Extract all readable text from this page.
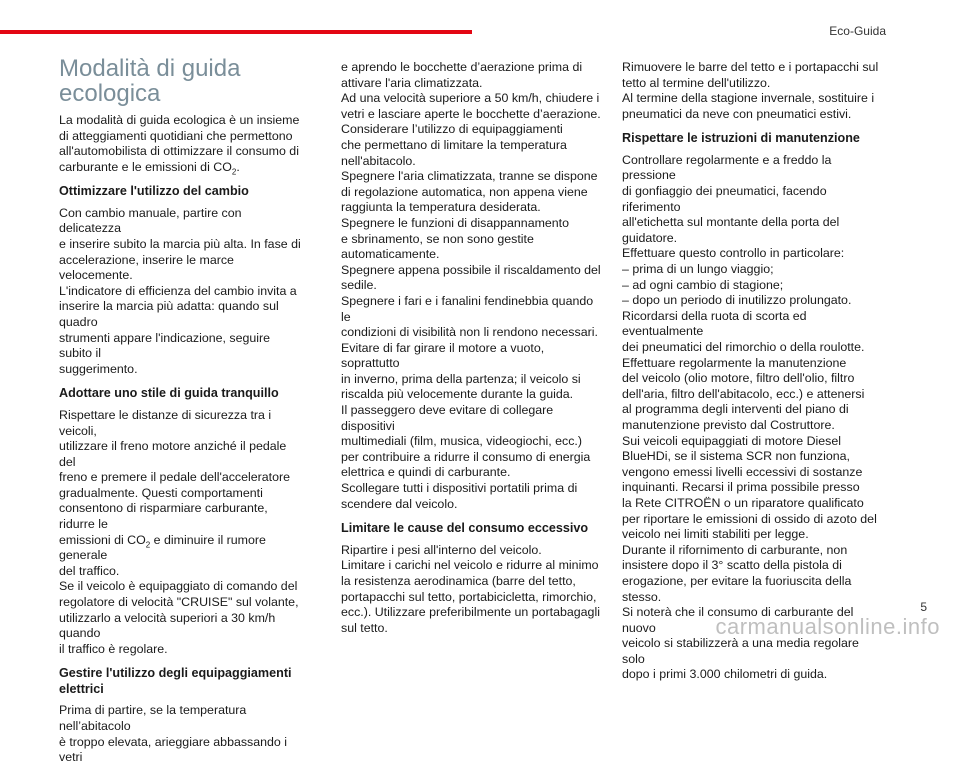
Eco-Guida
Modalità di guida ecologica

La modalità di guida ecologica è un insieme
di atteggiamenti quotidiani che permettono
all'automobilista di ottimizzare il consumo di
carburante e le emissioni di $CO_2$.

Ottimizzare l'utilizzo del cambio

Con cambio manuale, partire con delicatezza
e inserire subito la marcia più alta. In fase di
accelerazione, inserire le marce velocemente.
L'indicatore di efficienza del cambio invita a
inserire la marcia più adatta: quando sul quadro
strumenti appare l'indicazione, seguire subito il
suggerimento.

Adottare uno stile di guida tranquillo

Rispettare le distanze di sicurezza tra i veicoli,
utilizzare il freno motore anziché il pedale del
freno e premere il pedale dell'acceleratore
gradualmente. Questi comportamenti
consentono di risparmiare carburante, ridurre le
emissioni di $CO_2$ e diminuire il rumore generale
del traffico.
Se il veicolo è equipaggiato di comando del
regolatore di velocità "CRUISE" sul volante,
utilizzarlo a velocità superiori a 30 km/h quando
il traffico è regolare.

Gestire l'utilizzo degli equipaggiamenti
elettrici

Prima di partire, se la temperatura nell’abitacolo
è troppo elevata, arieggiare abbassando i vetri

e aprendo le bocchette d’aerazione prima di
attivare l'aria climatizzata.
Ad una velocità superiore a 50 km/h, chiudere i
vetri e lasciare aperte le bocchette d’aerazione.
Considerare l’utilizzo di equipaggiamenti
che permettano di limitare la temperatura
nell'abitacolo.
Spegnere l'aria climatizzata, tranne se dispone
di regolazione automatica, non appena viene
raggiunta la temperatura desiderata.
Spegnere le funzioni di disappannamento
e sbrinamento, se non sono gestite
automaticamente.
Spegnere appena possibile il riscaldamento del
sedile.
Spegnere i fari e i fanalini fendinebbia quando le
condizioni di visibilità non li rendono necessari.
Evitare di far girare il motore a vuoto, soprattutto
in inverno, prima della partenza; il veicolo si
riscalda più velocemente durante la guida.
Il passeggero deve evitare di collegare dispositivi
multimediali (film, musica, videogiochi, ecc.)
per contribuire a ridurre il consumo di energia
elettrica e quindi di carburante.
Scollegare tutti i dispositivi portatili prima di
scendere dal veicolo.

Limitare le cause del consumo eccessivo

Ripartire i pesi all'interno del veicolo.
Limitare i carichi nel veicolo e ridurre al minimo
la resistenza aerodinamica (barre del tetto,
portapacchi sul tetto, portabicicletta, rimorchio,
ecc.). Utilizzare preferibilmente un portabagagli
sul tetto.

Rimuovere le barre del tetto e i portapacchi sul
tetto al termine dell'utilizzo.
Al termine della stagione invernale, sostituire i
pneumatici da neve con pneumatici estivi.

Rispettare le istruzioni di manutenzione

Controllare regolarmente e a freddo la pressione
di gonfiaggio dei pneumatici, facendo riferimento
all'etichetta sul montante della porta del
guidatore.
Effettuare questo controllo in particolare:
– prima di un lungo viaggio;
– ad ogni cambio di stagione;
– dopo un periodo di inutilizzo prolungato.
Ricordarsi della ruota di scorta ed eventualmente
dei pneumatici del rimorchio o della roulotte.
Effettuare regolarmente la manutenzione
del veicolo (olio motore, filtro dell'olio, filtro
dell'aria, filtro dell'abitacolo, ecc.) e attenersi
al programma degli interventi del piano di
manutenzione previsto dal Costruttore.
Sui veicoli equipaggiati di motore Diesel
BlueHDi, se il sistema SCR non funziona,
vengono emessi livelli eccessivi di sostanze
inquinanti. Recarsi il prima possibile presso
la Rete CITROËN o un riparatore qualificato
per riportare le emissioni di ossido di azoto del
veicolo nei limiti stabiliti per legge.
Durante il rifornimento di carburante, non
insistere dopo il 3° scatto della pistola di
erogazione, per evitare la fuoriuscita della
stesso.
Si noterà che il consumo di carburante del nuovo
veicolo si stabilizzerà a una media regolare solo
dopo i primi 3.000 chilometri di guida.

5
carmanualsonline.info
